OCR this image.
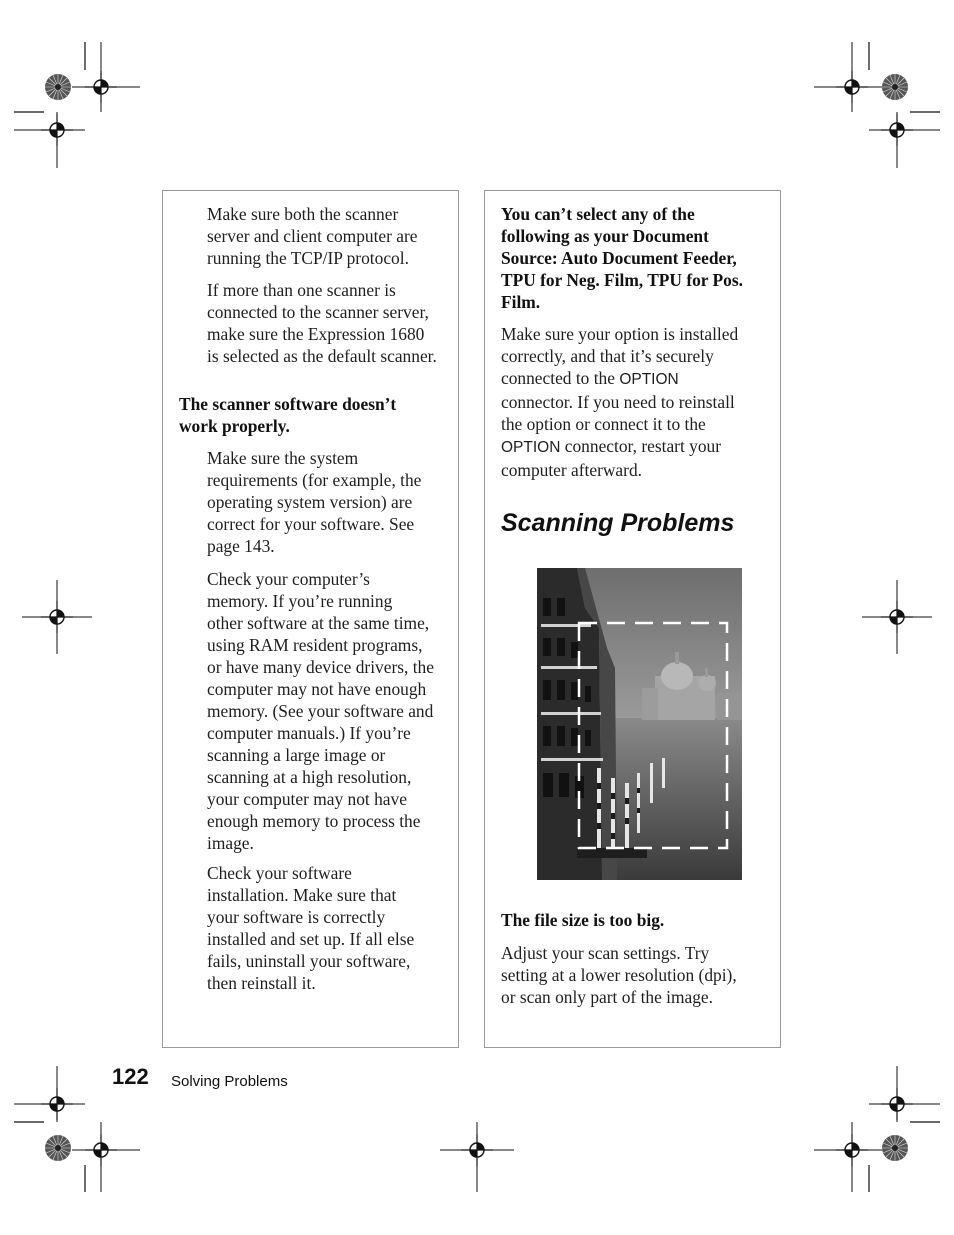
Make sure both the scanner
server and client computer are
running the TCP/IP protocol.

If more than one scanner is
connected to the scanner server,
make sure the Expression 1680
is selected as the default scanner.

The scanner software doesn’t
work properly.

Make sure the system
requirements (for example, the
operating system version) are
correct for your software. See
page 143.

Check your computer’s
memory. If you’re running
other software at the same time,
using RAM resident programs,
or have many device drivers, the
computer may not have enough
memory. (See your software and
computer manuals.) If you’re
scanning a large image or
scanning at a high resolution,
your computer may not have
enough memory to process the
image.

Check your software
installation. Make sure that
your software is correctly
installed and set up. If all else
fails, uninstall your software,
then reinstall it.

You can’t select any of the
following as your Document
Source: Auto Document Feeder,
TPU for Neg. Film, TPU for Pos.
Film.

Make sure your option is installed
correctly, and that it’s securely
connected to the OPTION
connector. If you need to reinstall
the option or connect it to the
OPTION connector, restart your
computer afterward.

Scanning Problems

The file size is too big.

Adjust your scan settings. Try
setting at a lower resolution (dpi),
or scan only part of the image.

122 Solving Problems
